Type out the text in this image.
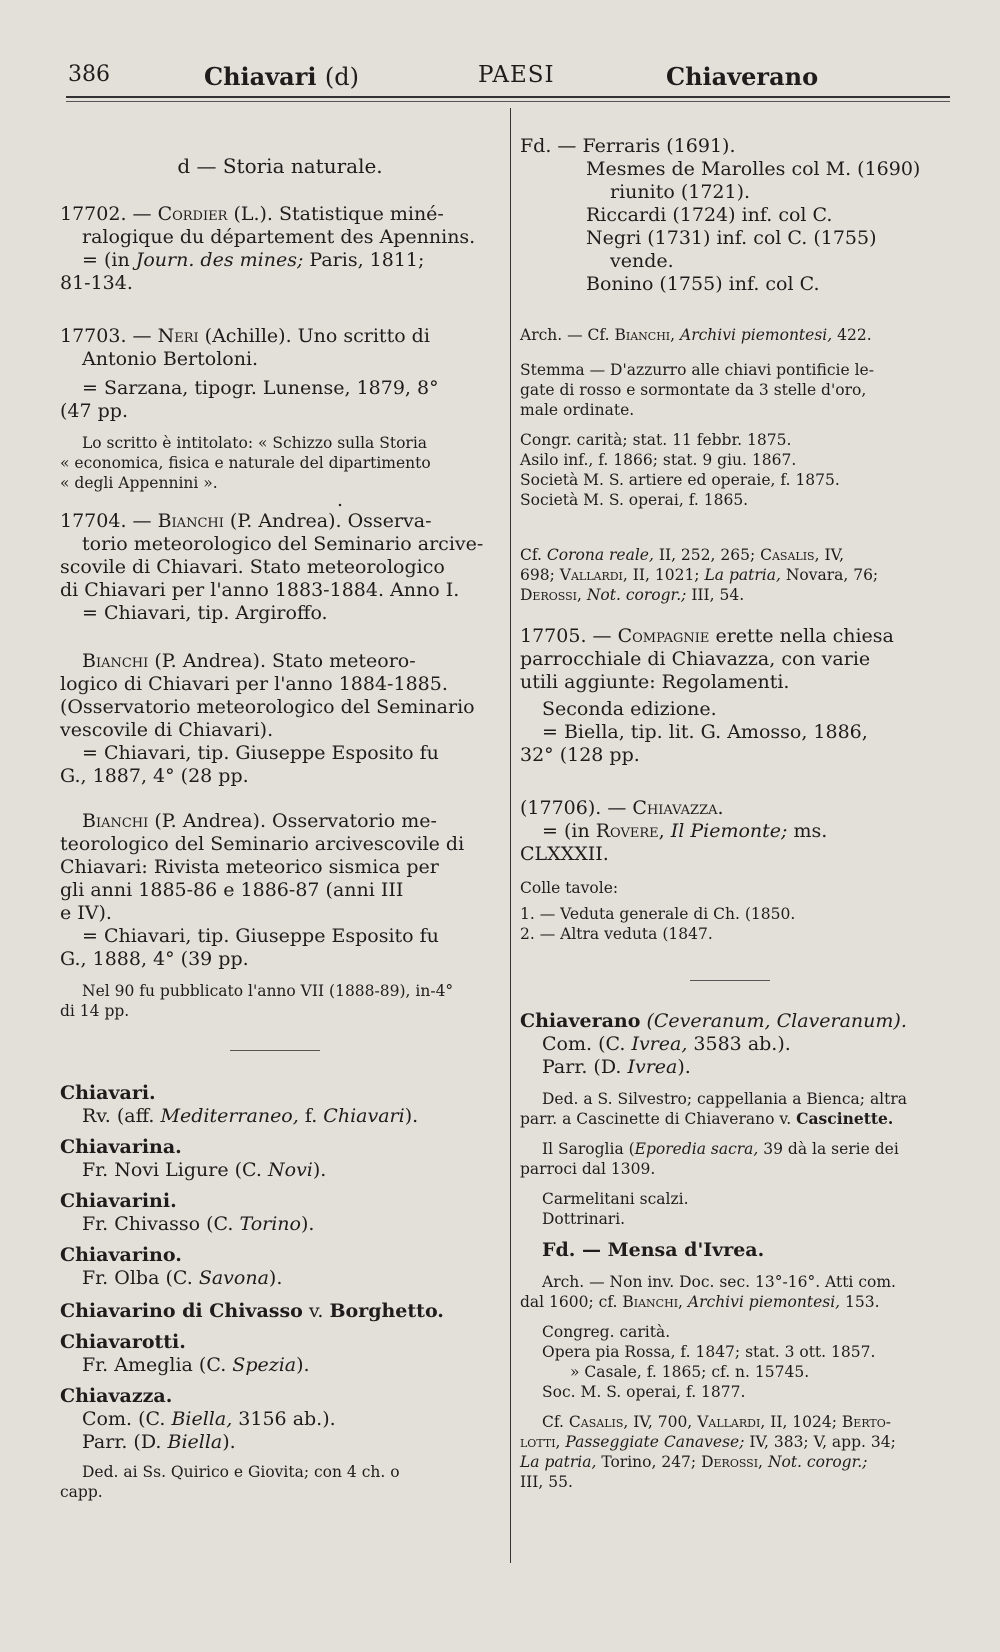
386	Chiavari (d)	PAESI	Chiaverano
d — Storia naturale.
17702. — Cordier (L.). Statistique miné-
ralogique du département des Apennins.
= (in Journ. des mines; Paris, 1811;
81-134.
17703. — Neri (Achille). Uno scritto di
Antonio Bertoloni.
= Sarzana, tipogr. Lunense, 1879, 8°
(47 pp.
Lo scritto è intitolato: « Schizzo sulla Storia
« economica, fisica e naturale del dipartimento
« degli Appennini ».
.
17704. — Bianchi (P. Andrea). Osserva-
torio meteorologico del Seminario arcive-
scovile di Chiavari. Stato meteorologico
di Chiavari per l'anno 1883-1884. Anno I.
= Chiavari, tip. Argiroffo.
Bianchi (P. Andrea). Stato meteoro-
logico di Chiavari per l'anno 1884-1885.
(Osservatorio meteorologico del Seminario
vescovile di Chiavari).
= Chiavari, tip. Giuseppe Esposito fu
G., 1887, 4° (28 pp.
Bianchi (P. Andrea). Osservatorio me-
teorologico del Seminario arcivescovile di
Chiavari: Rivista meteorico sismica per
gli anni 1885-86 e 1886-87 (anni III
e IV).
= Chiavari, tip. Giuseppe Esposito fu
G., 1888, 4° (39 pp.
Nel 90 fu pubblicato l'anno VII (1888-89), in-4°
di 14 pp.
Chiavari.
Rv. (aff. Mediterraneo, f. Chiavari).
Chiavarina.
Fr. Novi Ligure (C. Novi).
Chiavarini.
Fr. Chivasso (C. Torino).
Chiavarino.
Fr. Olba (C. Savona).
Chiavarino di Chivasso v. Borghetto.
Chiavarotti.
Fr. Ameglia (C. Spezia).
Chiavazza.
Com. (C. Biella, 3156 ab.).
Parr. (D. Biella).
Ded. ai Ss. Quirico e Giovita; con 4 ch. o
capp.
Fd. — Ferraris (1691).
Mesmes de Marolles col M. (1690)
riunito (1721).
Riccardi (1724) inf. col C.
Negri (1731) inf. col C. (1755)
vende.
Bonino (1755) inf. col C.
Arch. — Cf. Bianchi, Archivi piemontesi, 422.
Stemma — D'azzurro alle chiavi pontificie le-
gate di rosso e sormontate da 3 stelle d'oro,
male ordinate.
Congr. carità; stat. 11 febbr. 1875.
Asilo inf., f. 1866; stat. 9 giu. 1867.
Società M. S. artiere ed operaie, f. 1875.
Società M. S. operai, f. 1865.
Cf. Corona reale, II, 252, 265; Casalis, IV,
698; Vallardi, II, 1021; La patria, Novara, 76;
Derossi, Not. corogr.; III, 54.
17705. — Compagnie erette nella chiesa
parrocchiale di Chiavazza, con varie
utili aggiunte: Regolamenti.
Seconda edizione.
= Biella, tip. lit. G. Amosso, 1886,
32° (128 pp.
(17706). — Chiavazza.
= (in Rovere, Il Piemonte; ms.
CLXXXII.
Colle tavole:
1. — Veduta generale di Ch. (1850.
2. — Altra veduta (1847.
Chiaverano (Ceveranum, Claveranum).
Com. (C. Ivrea, 3583 ab.).
Parr. (D. Ivrea).
Ded. a S. Silvestro; cappellania a Bienca; altra
parr. a Cascinette di Chiaverano v. Cascinette.
Il Saroglia (Eporedia sacra, 39 dà la serie dei
parroci dal 1309.
Carmelitani scalzi.
Dottrinari.
Fd. — Mensa d'Ivrea.
Arch. — Non inv. Doc. sec. 13°-16°. Atti com.
dal 1600; cf. Bianchi, Archivi piemontesi, 153.
Congreg. carità.
Opera pia Rossa, f. 1847; stat. 3 ott. 1857.
» Casale, f. 1865; cf. n. 15745.
Soc. M. S. operai, f. 1877.
Cf. Casalis, IV, 700, Vallardi, II, 1024; Berto-
lotti, Passeggiate Canavese; IV, 383; V, app. 34;
La patria, Torino, 247; Derossi, Not. corogr.;
III, 55.
